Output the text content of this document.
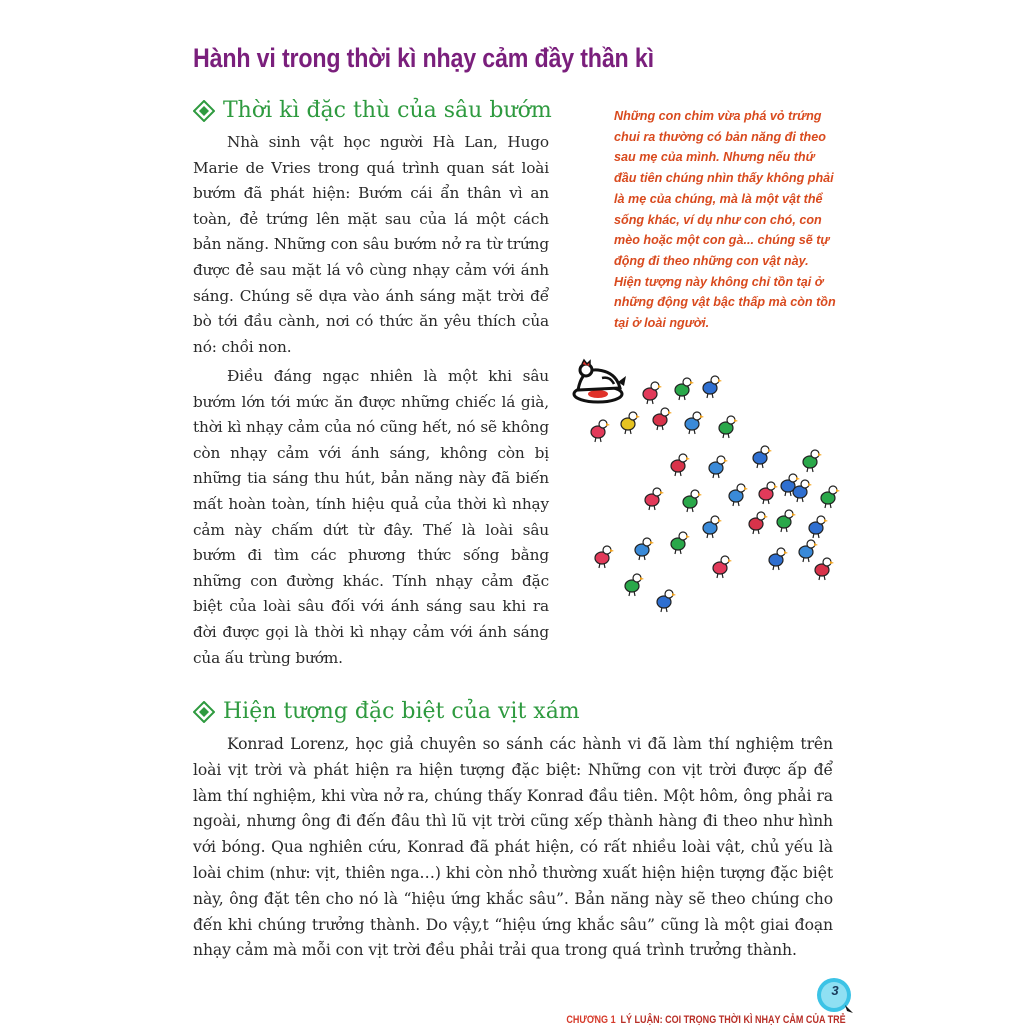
Hành vi trong thời kì nhạy cảm đầy thần kì
Thời kì đặc thù của sâu bướm

Nhà sinh vật học người Hà Lan, Hugo Marie de Vries trong quá trình quan sát loài bướm đã phát hiện: Bướm cái ẩn thân vì an toàn, đẻ trứng lên mặt sau của lá một cách bản năng. Những con sâu bướm nở ra từ trứng được đẻ sau mặt lá vô cùng nhạy cảm với ánh sáng. Chúng sẽ dựa vào ánh sáng mặt trời để bò tới đầu cành, nơi có thức ăn yêu thích của nó: chồi non.

Điều đáng ngạc nhiên là một khi sâu bướm lớn tới mức ăn được những chiếc lá già, thời kì nhạy cảm của nó cũng hết, nó sẽ không còn nhạy cảm với ánh sáng, không còn bị những tia sáng thu hút, bản năng này đã biến mất hoàn toàn, tính hiệu quả của thời kì nhạy cảm này chấm dứt từ đây. Thế là loài sâu bướm đi tìm các phương thức sống bằng những con đường khác. Tính nhạy cảm đặc biệt của loài sâu đối với ánh sáng sau khi ra đời được gọi là thời kì nhạy cảm với ánh sáng của ấu trùng bướm.

Những con chim vừa phá vỏ trứng chui ra thường có bản năng đi theo sau mẹ của mình. Nhưng nếu thứ đầu tiên chúng nhìn thấy không phải là mẹ của chúng, mà là một vật thể sống khác, ví dụ như con chó, con mèo hoặc một con gà... chúng sẽ tự động đi theo những con vật này. Hiện tượng này không chỉ tồn tại ở những động vật bậc thấp mà còn tồn tại ở loài người.

Hiện tượng đặc biệt của vịt xám

Konrad Lorenz, học giả chuyên so sánh các hành vi đã làm thí nghiệm trên loài vịt trời và phát hiện ra hiện tượng đặc biệt: Những con vịt trời được ấp để làm thí nghiệm, khi vừa nở ra, chúng thấy Konrad đầu tiên. Một hôm, ông phải ra ngoài, nhưng ông đi đến đâu thì lũ vịt trời cũng xếp thành hàng đi theo như hình với bóng. Qua nghiên cứu, Konrad đã phát hiện, có rất nhiều loài vật, chủ yếu là loài chim (như: vịt, thiên nga…) khi còn nhỏ thường xuất hiện hiện tượng đặc biệt này, ông đặt tên cho nó là “hiệu ứng khắc sâu”. Bản năng này sẽ theo chúng cho đến khi chúng trưởng thành. Do vậy,t “hiệu ứng khắc sâu” cũng là một giai đoạn nhạy cảm mà mỗi con vịt trời đều phải trải qua trong quá trình trưởng thành.

CHƯƠNG 1 LÝ LUẬN: COI TRỌNG THỜI KÌ NHẠY CẢM CỦA TRẺ

3
